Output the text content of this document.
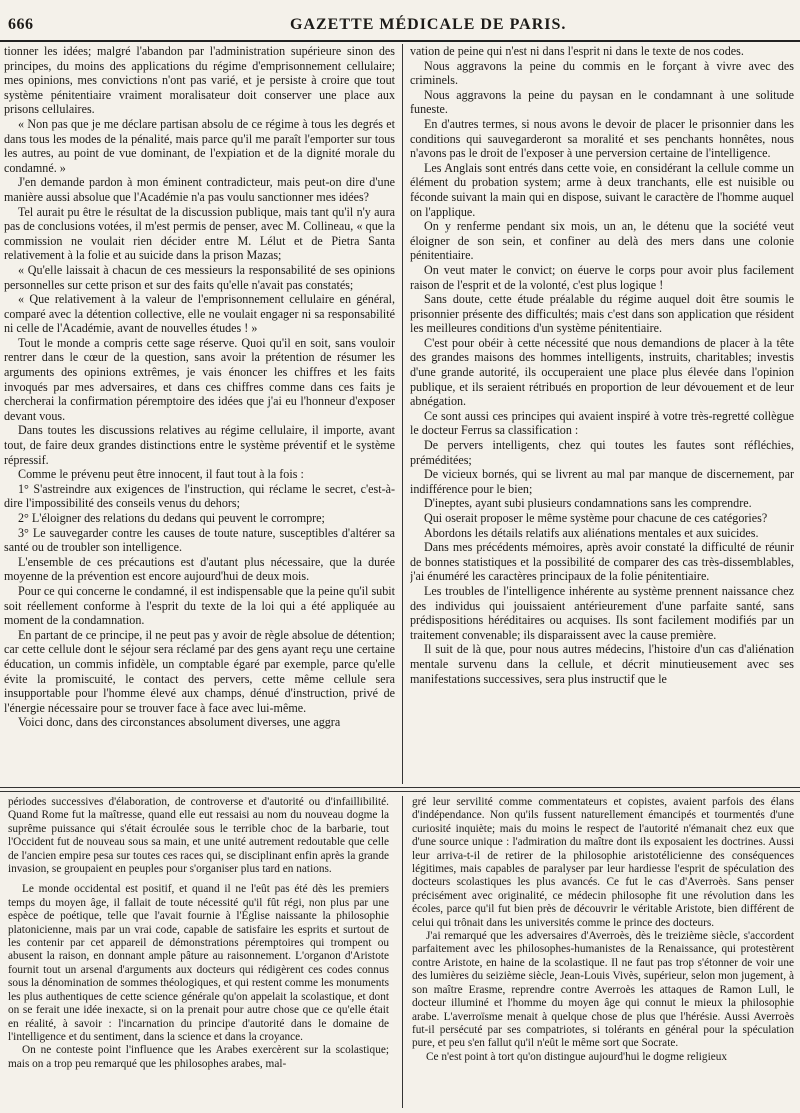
666	GAZETTE MÉDICALE DE PARIS.

tionner les idées; malgré l'abandon par l'administration supérieure sinon des principes, du moins des applications du régime d'emprisonnement cellulaire; mes opinions, mes convictions n'ont pas varié, et je persiste à croire que tout système pénitentiaire vraiment moralisateur doit conserver une place aux prisons cellulaires.

« Non pas que je me déclare partisan absolu de ce régime à tous les degrés et dans tous les modes de la pénalité, mais parce qu'il me paraît l'emporter sur tous les autres, au point de vue dominant, de l'expiation et de la dignité morale du condamné. »

J'en demande pardon à mon éminent contradicteur, mais peut-on dire d'une manière aussi absolue que l'Académie n'a pas voulu sanctionner mes idées?

Tel aurait pu être le résultat de la discussion publique, mais tant qu'il n'y aura pas de conclusions votées, il m'est permis de penser, avec M. Collineau, « que la commission ne voulait rien décider entre M. Lélut et de Pietra Santa relativement à la folie et au suicide dans la prison Mazas;

« Qu'elle laissait à chacun de ces messieurs la responsabilité de ses opinions personnelles sur cette prison et sur des faits qu'elle n'avait pas constatés;

« Que relativement à la valeur de l'emprisonnement cellulaire en général, comparé avec la détention collective, elle ne voulait engager ni sa responsabilité ni celle de l'Académie, avant de nouvelles études ! »

Tout le monde a compris cette sage réserve. Quoi qu'il en soit, sans vouloir rentrer dans le cœur de la question, sans avoir la prétention de résumer les arguments des opinions extrêmes, je vais énoncer les chiffres et les faits invoqués par mes adversaires, et dans ces chiffres comme dans ces faits je chercherai la confirmation péremptoire des idées que j'ai eu l'honneur d'exposer devant vous.

Dans toutes les discussions relatives au régime cellulaire, il importe, avant tout, de faire deux grandes distinctions entre le système préventif et le système répressif.

Comme le prévenu peut être innocent, il faut tout à la fois :

1° S'astreindre aux exigences de l'instruction, qui réclame le secret, c'est-à-dire l'impossibilité des conseils venus du dehors;

2° L'éloigner des relations du dedans qui peuvent le corrompre;

3° Le sauvegarder contre les causes de toute nature, susceptibles d'altérer sa santé ou de troubler son intelligence.

L'ensemble de ces précautions est d'autant plus nécessaire, que la durée moyenne de la prévention est encore aujourd'hui de deux mois.

Pour ce qui concerne le condamné, il est indispensable que la peine qu'il subit soit réellement conforme à l'esprit du texte de la loi qui a été appliquée au moment de la condamnation.

En partant de ce principe, il ne peut pas y avoir de règle absolue de détention; car cette cellule dont le séjour sera réclamé par des gens ayant reçu une certaine éducation, un commis infidèle, un comptable égaré par exemple, parce qu'elle évite la promiscuité, le contact des pervers, cette même cellule sera insupportable pour l'homme élevé aux champs, dénué d'instruction, privé de l'énergie nécessaire pour se trouver face à face avec lui-même.

Voici donc, dans des circonstances absolument diverses, une aggra

vation de peine qui n'est ni dans l'esprit ni dans le texte de nos codes.

Nous aggravons la peine du commis en le forçant à vivre avec des criminels.

Nous aggravons la peine du paysan en le condamnant à une solitude funeste.

En d'autres termes, si nous avons le devoir de placer le prisonnier dans les conditions qui sauvegarderont sa moralité et ses penchants honnêtes, nous n'avons pas le droit de l'exposer à une perversion certaine de l'intelligence.

Les Anglais sont entrés dans cette voie, en considérant la cellule comme un élément du probation system; arme à deux tranchants, elle est nuisible ou féconde suivant la main qui en dispose, suivant le caractère de l'homme auquel on l'applique.

On y renferme pendant six mois, un an, le détenu que la société veut éloigner de son sein, et confiner au delà des mers dans une colonie pénitentiaire.

On veut mater le convict; on éuerve le corps pour avoir plus facilement raison de l'esprit et de la volonté, c'est plus logique !

Sans doute, cette étude préalable du régime auquel doit être soumis le prisonnier présente des difficultés; mais c'est dans son application que résident les meilleures conditions d'un système pénitentiaire.

C'est pour obéir à cette nécessité que nous demandions de placer à la tête des grandes maisons des hommes intelligents, instruits, charitables; investis d'une grande autorité, ils occuperaient une place plus élevée dans l'opinion publique, et ils seraient rétribués en proportion de leur dévouement et de leur abnégation.

Ce sont aussi ces principes qui avaient inspiré à votre très-regretté collègue le docteur Ferrus sa classification :

De pervers intelligents, chez qui toutes les fautes sont réfléchies, préméditées;

De vicieux bornés, qui se livrent au mal par manque de discernement, par indifférence pour le bien;

D'ineptes, ayant subi plusieurs condamnations sans les comprendre.

Qui oserait proposer le même système pour chacune de ces catégories?

Abordons les détails relatifs aux aliénations mentales et aux suicides.

Dans mes précédents mémoires, après avoir constaté la difficulté de réunir de bonnes statistiques et la possibilité de comparer des cas très-dissemblables, j'ai énuméré les caractères principaux de la folie pénitentiaire.

Les troubles de l'intelligence inhérente au système prennent naissance chez des individus qui jouissaient antérieurement d'une parfaite santé, sans prédispositions héréditaires ou acquises. Ils sont facilement modifiés par un traitement convenable; ils disparaissent avec la cause première.

Il suit de là que, pour nous autres médecins, l'histoire d'un cas d'aliénation mentale survenu dans la cellule, et décrit minutieusement avec ses manifestations successives, sera plus instructif que le

périodes successives d'élaboration, de controverse et d'autorité ou d'infaillibilité. Quand Rome fut la maîtresse, quand elle eut ressaisi au nom du nouveau dogme la suprême puissance qui s'était écroulée sous le terrible choc de la barbarie, tout l'Occident fut de nouveau sous sa main, et une unité autrement redoutable que celle de l'ancien empire pesa sur toutes ces races qui, se disciplinant enfin après la grande invasion, se groupaient en peuples pour s'organiser plus tard en nations.

Le monde occidental est positif, et quand il ne l'eût pas été dès les premiers temps du moyen âge, il fallait de toute nécessité qu'il fût régi, non plus par une espèce de poétique, telle que l'avait fournie à l'Église naissante la philosophie platonicienne, mais par un vrai code, capable de satisfaire les esprits et surtout de les contenir par cet appareil de démonstrations péremptoires qui trompent ou abusent la raison, en donnant ample pâture au raisonnement. L'organon d'Aristote fournit tout un arsenal d'arguments aux docteurs qui rédigèrent ces codes connus sous la dénomination de sommes théologiques, et qui restent comme les monuments les plus authentiques de cette science générale qu'on appelait la scolastique, et dont on se ferait une idée inexacte, si on la prenait pour autre chose que ce qu'elle était en réalité, à savoir : l'incarnation du principe d'autorité dans le domaine de l'intelligence et du sentiment, dans la science et dans la croyance.

On ne conteste point l'influence que les Arabes exercèrent sur la scolastique; mais on a trop peu remarqué que les philosophes arabes, mal-

gré leur servilité comme commentateurs et copistes, avaient parfois des élans d'indépendance. Non qu'ils fussent naturellement émancipés et tourmentés d'une curiosité inquiète; mais du moins le respect de l'autorité n'émanait chez eux que d'une source unique : l'admiration du maître dont ils exposaient les doctrines. Aussi leur arriva-t-il de retirer de la philosophie aristotélicienne des conséquences légitimes, mais capables de paralyser par leur hardiesse l'esprit de spéculation des docteurs scolastiques les plus avancés. Ce fut le cas d'Averroès. Sans penser précisément avec originalité, ce médecin philosophe fit une révolution dans les écoles, parce qu'il fut bien près de découvrir le véritable Aristote, bien différent de celui qui trônait dans les universités comme le prince des docteurs.

J'ai remarqué que les adversaires d'Averroès, dès le treizième siècle, s'accordent parfaitement avec les philosophes-humanistes de la Renaissance, qui protestèrent contre Aristote, en haine de la scolastique. Il ne faut pas trop s'étonner de voir une des lumières du seizième siècle, Jean-Louis Vivès, supérieur, selon mon jugement, à son maître Erasme, reprendre contre Averroès les attaques de Ramon Lull, le docteur illuminé et l'homme du moyen âge qui connut le mieux la philosophie arabe. L'averroïsme menait à quelque chose de plus que l'hérésie. Aussi Averroès fut-il persécuté par ses compatriotes, si tolérants en général pour la spéculation pure, et peu s'en fallut qu'il n'eût le même sort que Socrate.

Ce n'est point à tort qu'on distingue aujourd'hui le dogme religieux
